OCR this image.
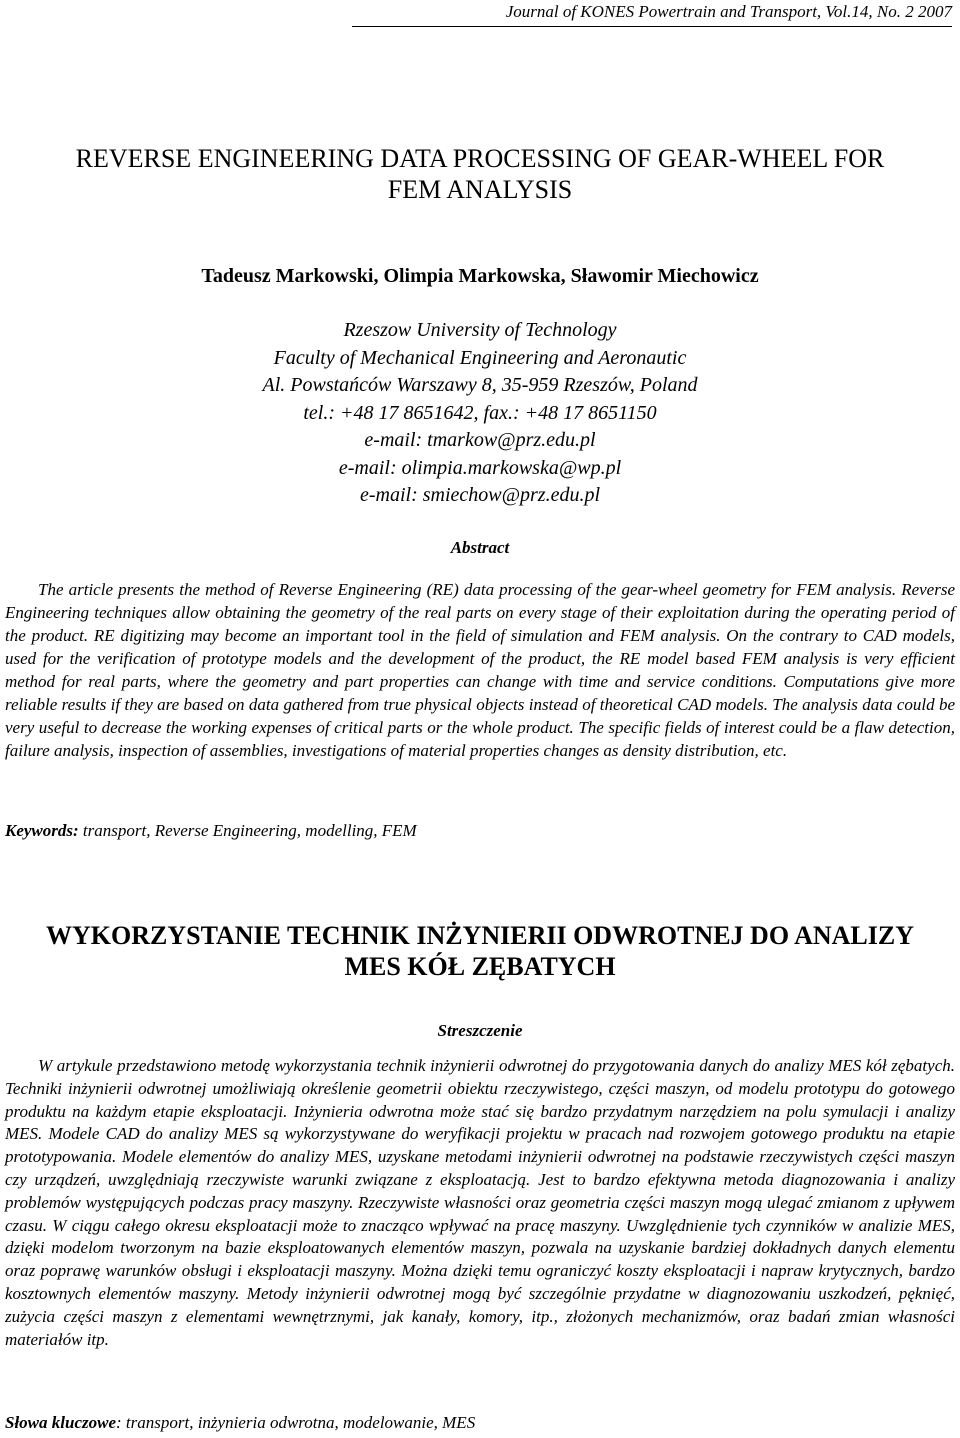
Journal of KONES Powertrain and Transport, Vol.14, No. 2 2007
REVERSE ENGINEERING DATA PROCESSING OF GEAR-WHEEL FOR
FEM ANALYSIS
Tadeusz Markowski, Olimpia Markowska, Sławomir Miechowicz
Rzeszow University of Technology
Faculty of Mechanical Engineering and Aeronautic
Al. Powstańców Warszawy 8, 35-959 Rzeszów, Poland
tel.: +48 17 8651642, fax.: +48 17 8651150
e-mail: tmarkow@prz.edu.pl
e-mail: olimpia.markowska@wp.pl
e-mail: smiechow@prz.edu.pl
Abstract
The article presents the method of Reverse Engineering (RE) data processing of the gear-wheel geometry for FEM analysis. Reverse Engineering techniques allow obtaining the geometry of the real parts on every stage of their exploitation during the operating period of the product. RE digitizing may become an important tool in the field of simulation and FEM analysis. On the contrary to CAD models, used for the verification of prototype models and the development of the product, the RE model based FEM analysis is very efficient method for real parts, where the geometry and part properties can change with time and service conditions. Computations give more reliable results if they are based on data gathered from true physical objects instead of theoretical CAD models. The analysis data could be very useful to decrease the working expenses of critical parts or the whole product. The specific fields of interest could be a flaw detection, failure analysis, inspection of assemblies, investigations of material properties changes as density distribution, etc.
Keywords: transport, Reverse Engineering, modelling, FEM
WYKORZYSTANIE TECHNIK INŻYNIERII ODWROTNEJ DO ANALIZY
MES KÓŁ ZĘBATYCH
Streszczenie
W artykule przedstawiono metodę wykorzystania technik inżynierii odwrotnej do przygotowania danych do analizy MES kół zębatych. Techniki inżynierii odwrotnej umożliwiają określenie geometrii obiektu rzeczywistego, części maszyn, od modelu prototypu do gotowego produktu na każdym etapie eksploatacji. Inżynieria odwrotna może stać się bardzo przydatnym narzędziem na polu symulacji i analizy MES. Modele CAD do analizy MES są wykorzystywane do weryfikacji projektu w pracach nad rozwojem gotowego produktu na etapie prototypowania. Modele elementów do analizy MES, uzyskane metodami inżynierii odwrotnej na podstawie rzeczywistych części maszyn czy urządzeń, uwzględniają rzeczywiste warunki związane z eksploatacją. Jest to bardzo efektywna metoda diagnozowania i analizy problemów występujących podczas pracy maszyny. Rzeczywiste własności oraz geometria części maszyn mogą ulegać zmianom z upływem czasu. W ciągu całego okresu eksploatacji może to znacząco wpływać na pracę maszyny. Uwzględnienie tych czynników w analizie MES, dzięki modelom tworzonym na bazie eksploatowanych elementów maszyn, pozwala na uzyskanie bardziej dokładnych danych elementu oraz poprawę warunków obsługi i eksploatacji maszyny. Można dzięki temu ograniczyć koszty eksploatacji i napraw krytycznych, bardzo kosztownych elementów maszyny. Metody inżynierii odwrotnej mogą być szczególnie przydatne w diagnozowaniu uszkodzeń, pęknięć, zużycia części maszyn z elementami wewnętrznymi, jak kanały, komory, itp., złożonych mechanizmów, oraz badań zmian własności materiałów itp.
Słowa kluczowe: transport, inżynieria odwrotna, modelowanie, MES
